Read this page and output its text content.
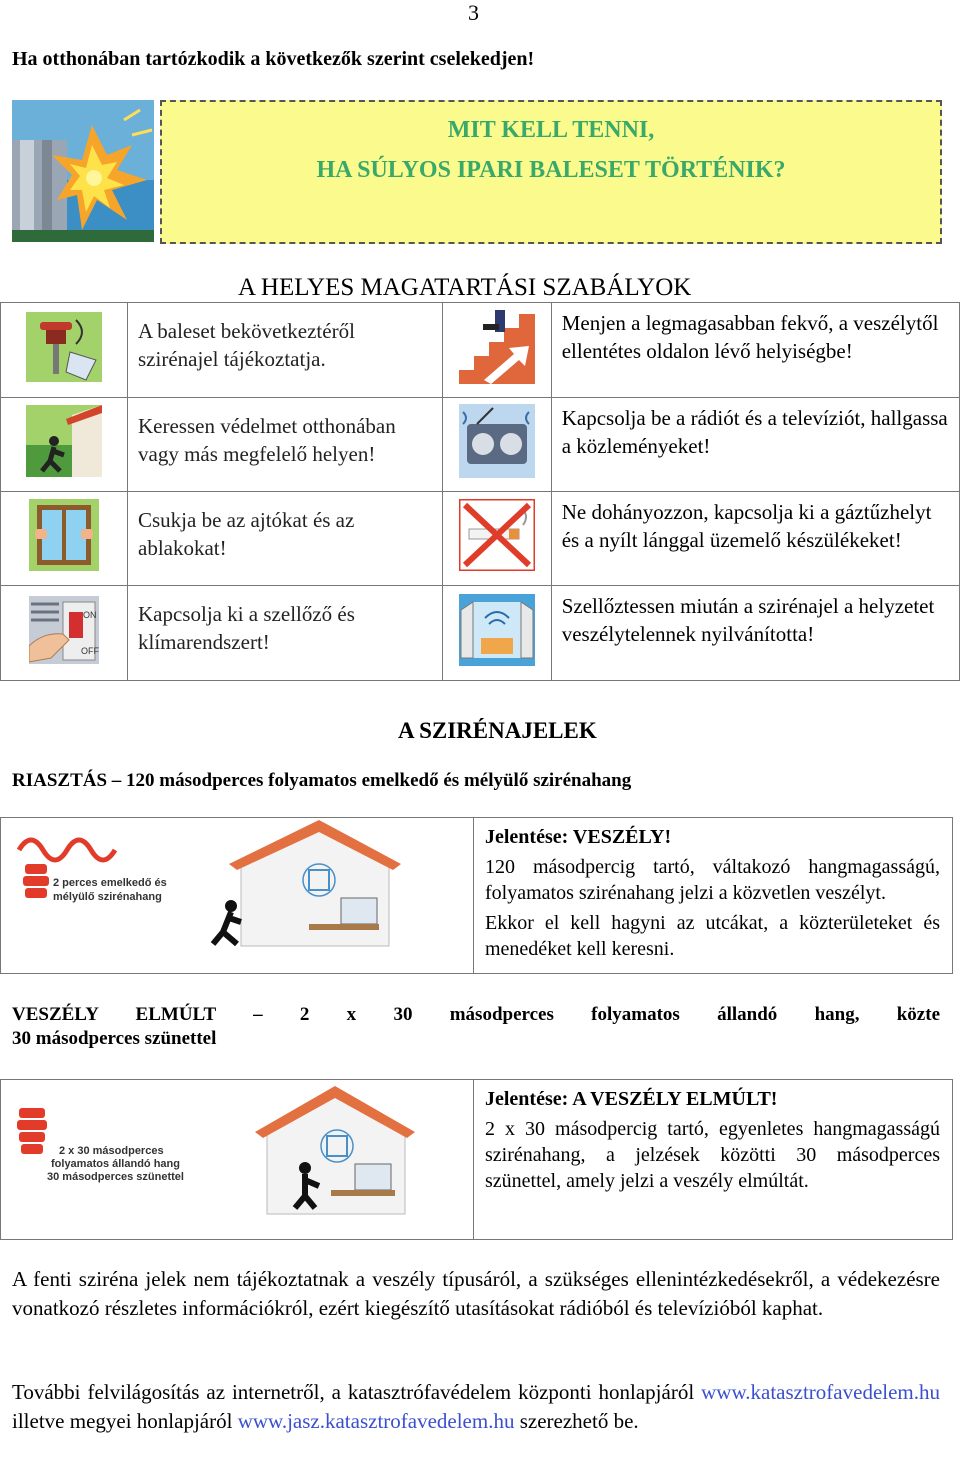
3
Ha otthonában tartózkodik a következők szerint cselekedjen!
MIT KELL TENNI,
HA SÚLYOS IPARI BALESET TÖRTÉNIK?
A HELYES MAGATARTÁSI SZABÁLYOK
	A baleset bekövetkeztéről szirénajel tájékoztatja.		Menjen a legmagasabban fekvő, a veszélytől ellentétes oldalon lévő helyiségbe!
	Keressen védelmet otthonában vagy más megfelelő helyen!		Kapcsolja be a rádiót és a televíziót, hallgassa a közleményeket!
	Csukja be az ajtókat és az ablakokat!		Ne dohányozzon, kapcsolja ki a gáztűzhelyt és a nyílt lánggal üzemelő készülékeket!

ON
OFF	Kapcsolja ki a szellőző és klímarendszert!		Szellőztessen miután a szirénajel a helyzetet veszélytelennek nyilvánította!
A SZIRÉNAJELEK
RIASZTÁS – 120 másodperces folyamatos emelkedő és mélyülő szirénahang
2 perces emelkedő és
mélyülő szirénahang
Jelentése: VESZÉLY!
120 másodpercig tartó, váltakozó hangmagasságú, folyamatos szirénahang jelzi a közvetlen veszélyt.
Ekkor el kell hagyni az utcákat, a közterületeket és menedéket kell keresni.
VESZÉLY ELMÚLT – 2 x 30 másodperces folyamatos állandó hang, közte
30 másodperces szünettel
2 x 30 másodperces
folyamatos állandó hang
30 másodperces szünettel
Jelentése: A VESZÉLY ELMÚLT!
2 x 30 másodpercig tartó, egyenletes hangmagasságú szirénahang, a jelzések közötti 30 másodperces szünettel, amely jelzi a veszély elmúltát.
A fenti sziréna jelek nem tájékoztatnak a veszély típusáról, a szükséges ellenintézkedésekről, a védekezésre vonatkozó részletes információkról, ezért kiegészítő utasításokat rádióból és televízióból kaphat.
További felvilágosítás az internetről, a katasztrófavédelem központi honlapjáról www.katasztrofavedelem.hu illetve megyei honlapjáról www.jasz.katasztrofavedelem.hu szerezhető be.
